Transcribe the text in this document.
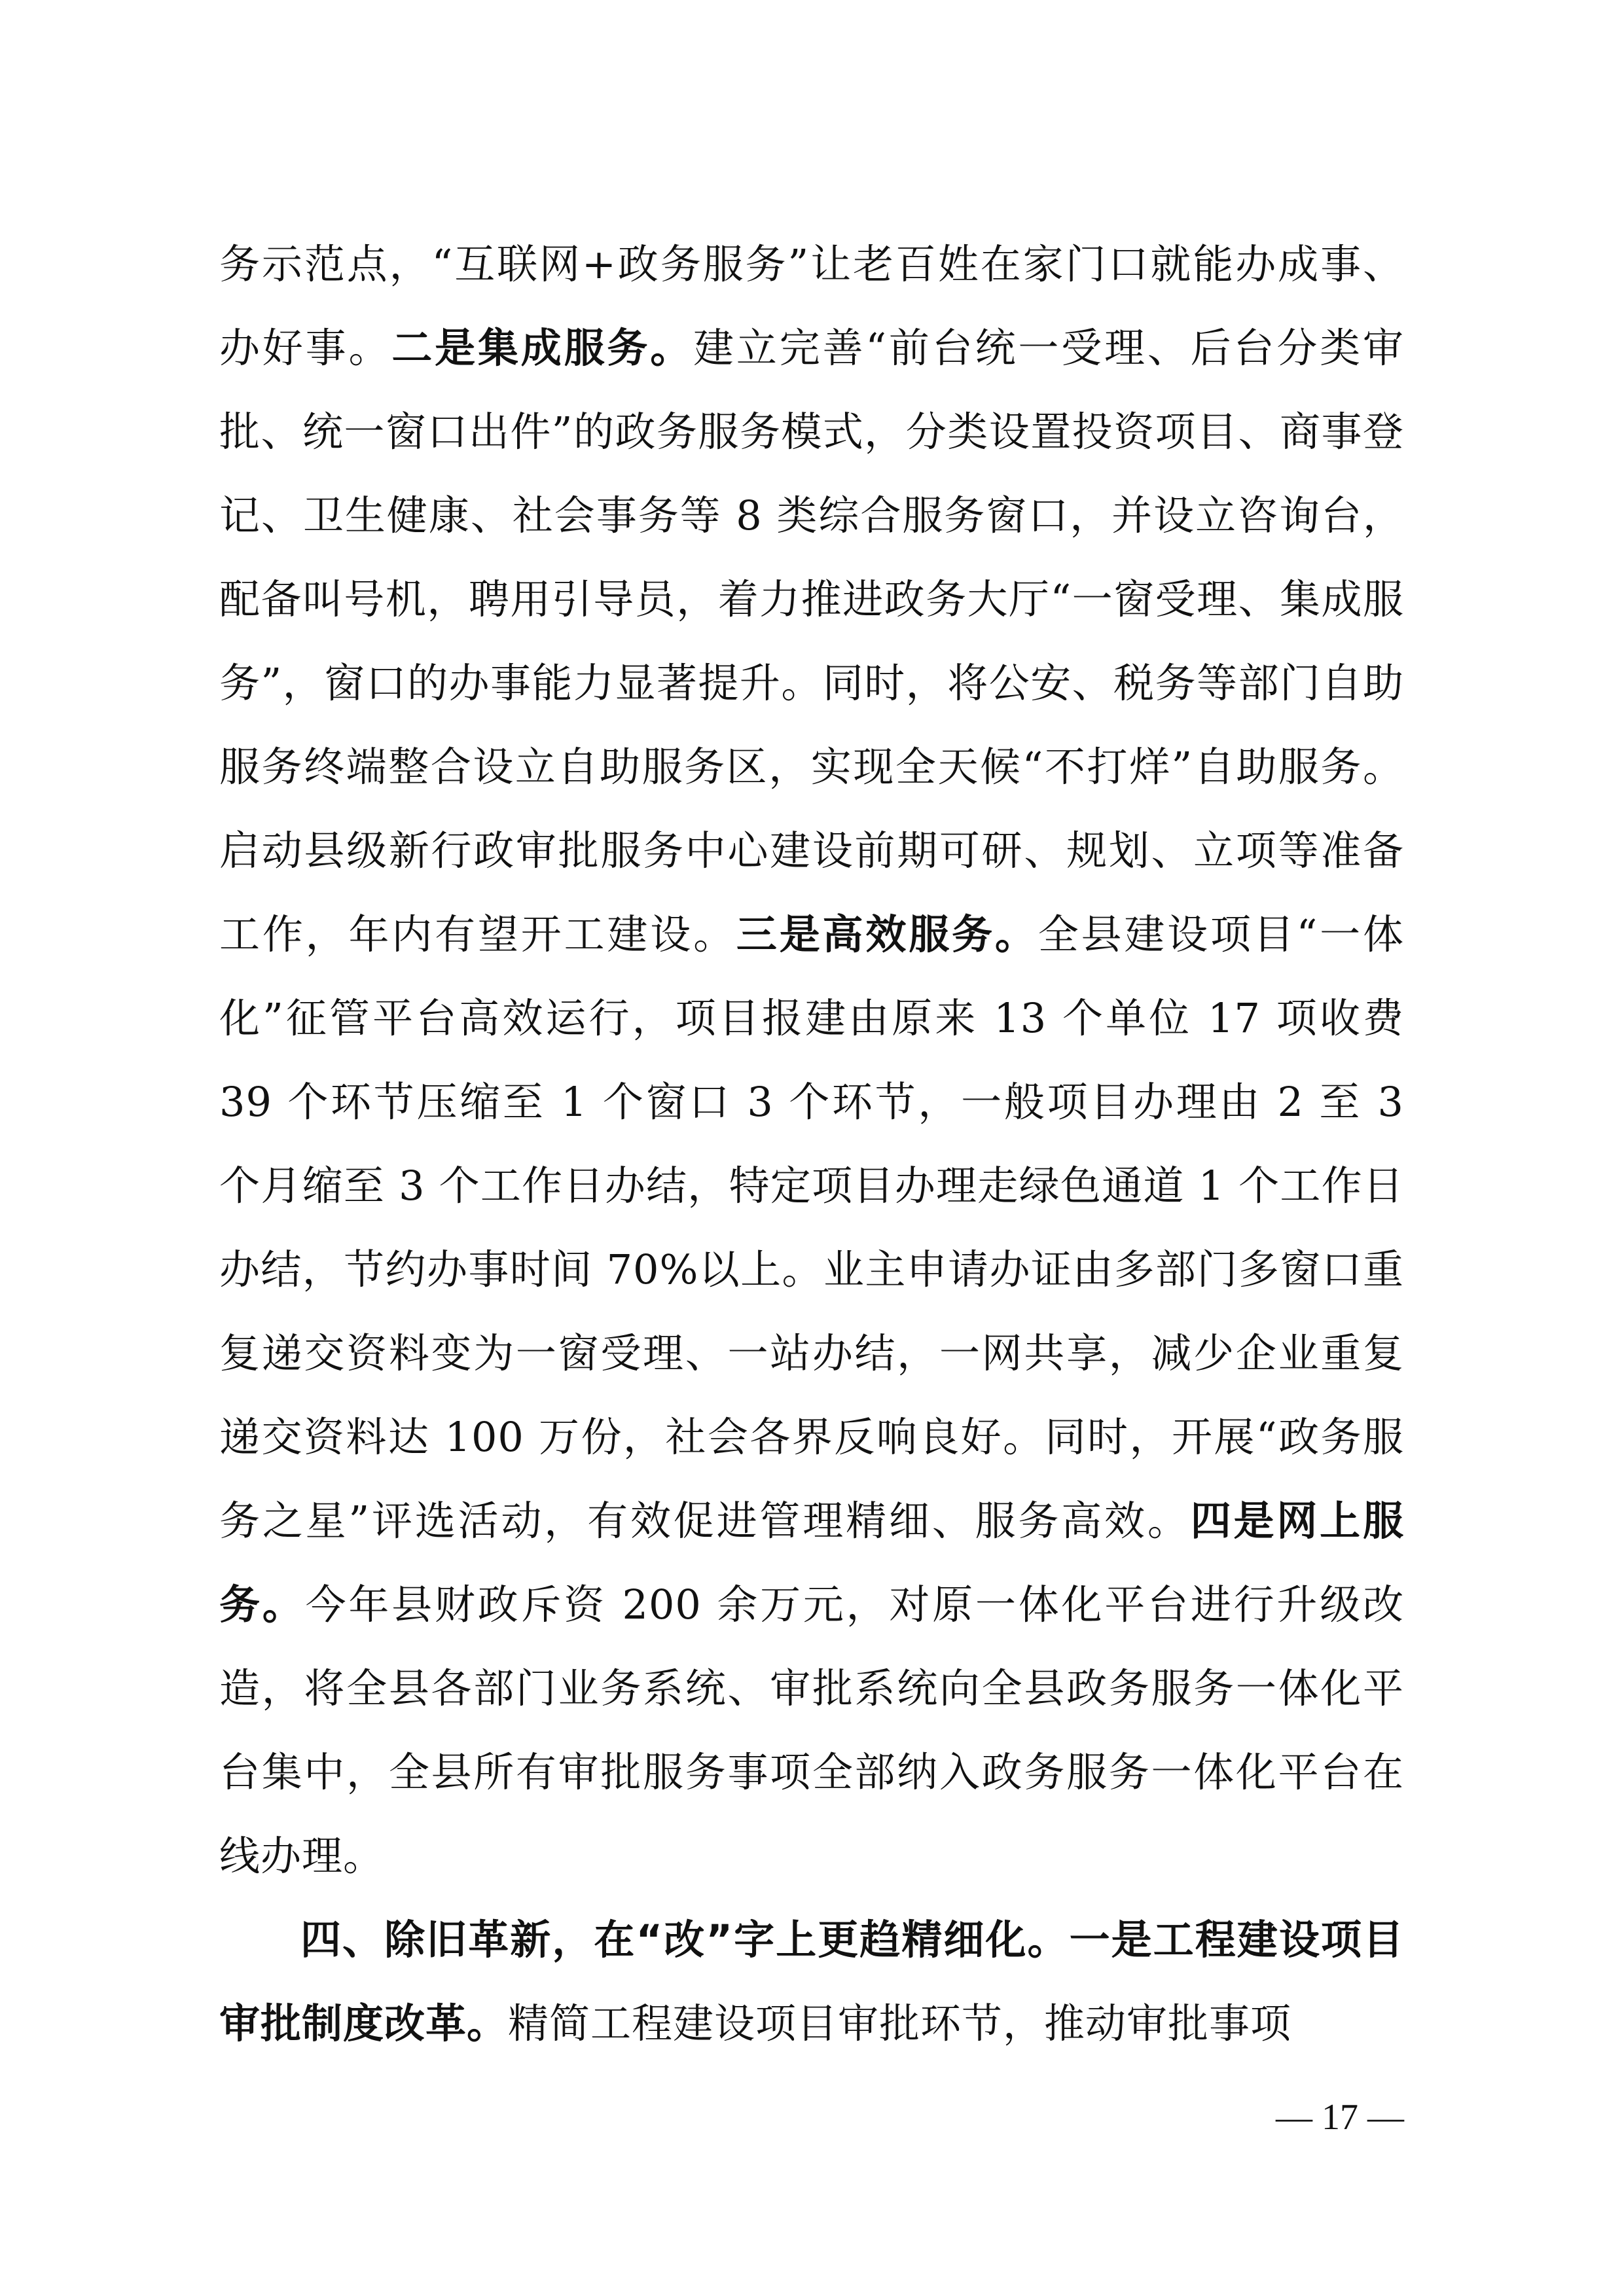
务示范点，“互联网+政务服务”让老百姓在家门口就能办成事、办好事。二是集成服务。建立完善“前台统一受理、后台分类审批、统一窗口出件”的政务服务模式，分类设置投资项目、商事登记、卫生健康、社会事务等 8 类综合服务窗口，并设立咨询台，配备叫号机，聘用引导员，着力推进政务大厅“一窗受理、集成服务”，窗口的办事能力显著提升。同时，将公安、税务等部门自助服务终端整合设立自助服务区，实现全天候“不打烊”自助服务。启动县级新行政审批服务中心建设前期可研、规划、立项等准备工作，年内有望开工建设。三是高效服务。全县建设项目“一体化”征管平台高效运行，项目报建由原来 13 个单位 17 项收费 39 个环节压缩至 1 个窗口 3 个环节，一般项目办理由 2 至 3 个月缩至 3 个工作日办结，特定项目办理走绿色通道 1 个工作日办结，节约办事时间 70%以上。业主申请办证由多部门多窗口重复递交资料变为一窗受理、一站办结，一网共享，减少企业重复递交资料达 100 万份，社会各界反响良好。同时，开展“政务服务之星”评选活动，有效促进管理精细、服务高效。四是网上服务。今年县财政斥资 200 余万元，对原一体化平台进行升级改造，将全县各部门业务系统、审批系统向全县政务服务一体化平台集中，全县所有审批服务事项全部纳入政务服务一体化平台在线办理。

四、除旧革新，在“改”字上更趋精细化。一是工程建设项目审批制度改革。精简工程建设项目审批环节，推动审批事项

— 17 —
